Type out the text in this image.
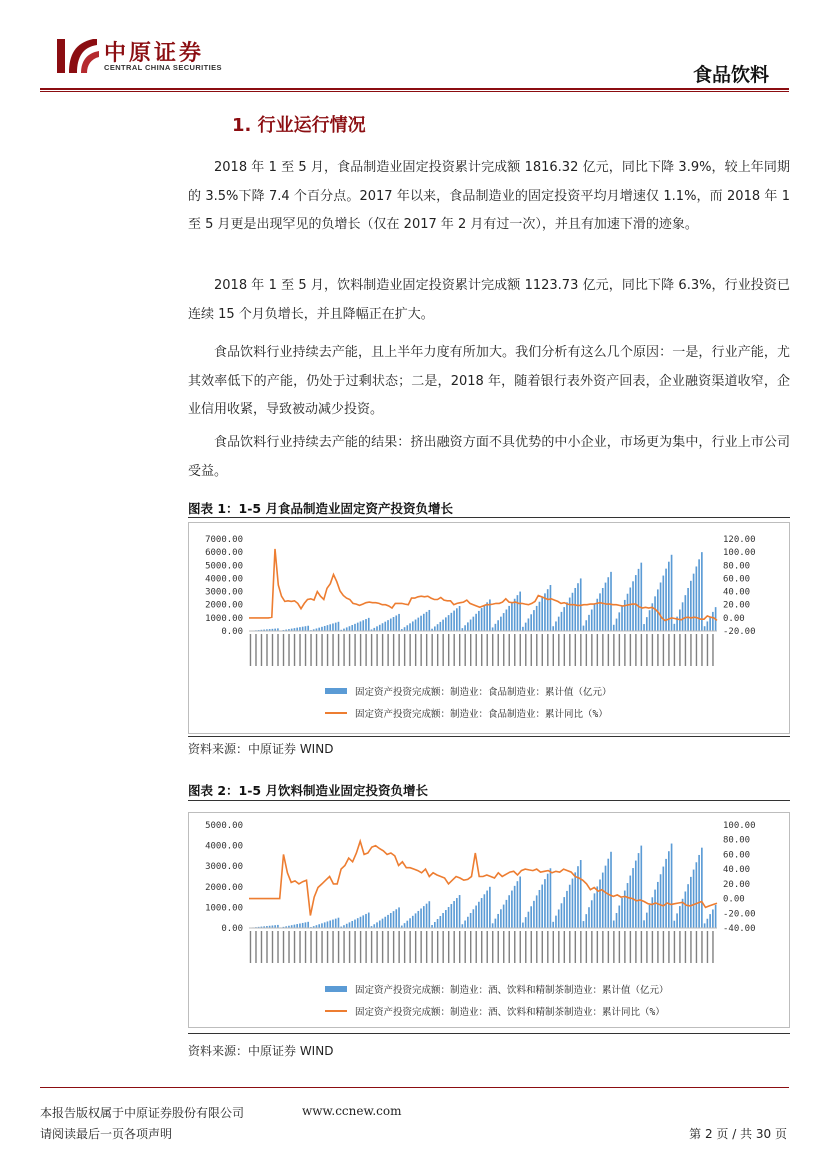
中原证券
CENTRAL CHINA SECURITIES	食品饮料
1. 行业运行情况

2018 年 1 至 5 月，食品制造业固定投资累计完成额 1816.32 亿元，同比下降 3.9%，较上年同期的 3.5%下降 7.4 个百分点。2017 年以来，食品制造业的固定投资平均月增速仅 1.1%，而 2018 年 1 至 5 月更是出现罕见的负增长（仅在 2017 年 2 月有过一次），并且有加速下滑的迹象。

2018 年 1 至 5 月，饮料制造业固定投资累计完成额 1123.73 亿元，同比下降 6.3%，行业投资已连续 15 个月负增长，并且降幅正在扩大。

食品饮料行业持续去产能，且上半年力度有所加大。我们分析有这么几个原因：一是，行业产能，尤其效率低下的产能，仍处于过剩状态；二是，2018 年，随着银行表外资产回表，企业融资渠道收窄，企业信用收紧，导致被动减少投资。

食品饮料行业持续去产能的结果：挤出融资方面不具优势的中小企业，市场更为集中，行业上市公司受益。

图表 1：1-5 月食品制造业固定资产投资负增长
7000.00
6000.00
5000.00
4000.00
3000.00
2000.00
1000.00
0.00
120.00
100.00
80.00
60.00
40.00
20.00
0.00
-20.00
固定资产投资完成额：制造业：食品制造业：累计值（亿元）
固定资产投资完成额：制造业：食品制造业：累计同比（%）
资料来源：中原证券 WIND
图表 2：1-5 月饮料制造业固定投资负增长
5000.00
4000.00
3000.00
2000.00
1000.00
0.00
100.00
80.00
60.00
40.00
20.00
0.00
-20.00
-40.00
固定资产投资完成额：制造业：酒、饮料和精制茶制造业：累计值（亿元）
固定资产投资完成额：制造业：酒、饮料和精制茶制造业：累计同比（%）
资料来源：中原证券 WIND
本报告版权属于中原证券股份有限公司	www.ccnew.com
请阅读最后一页各项声明	第 2 页 / 共 30 页
